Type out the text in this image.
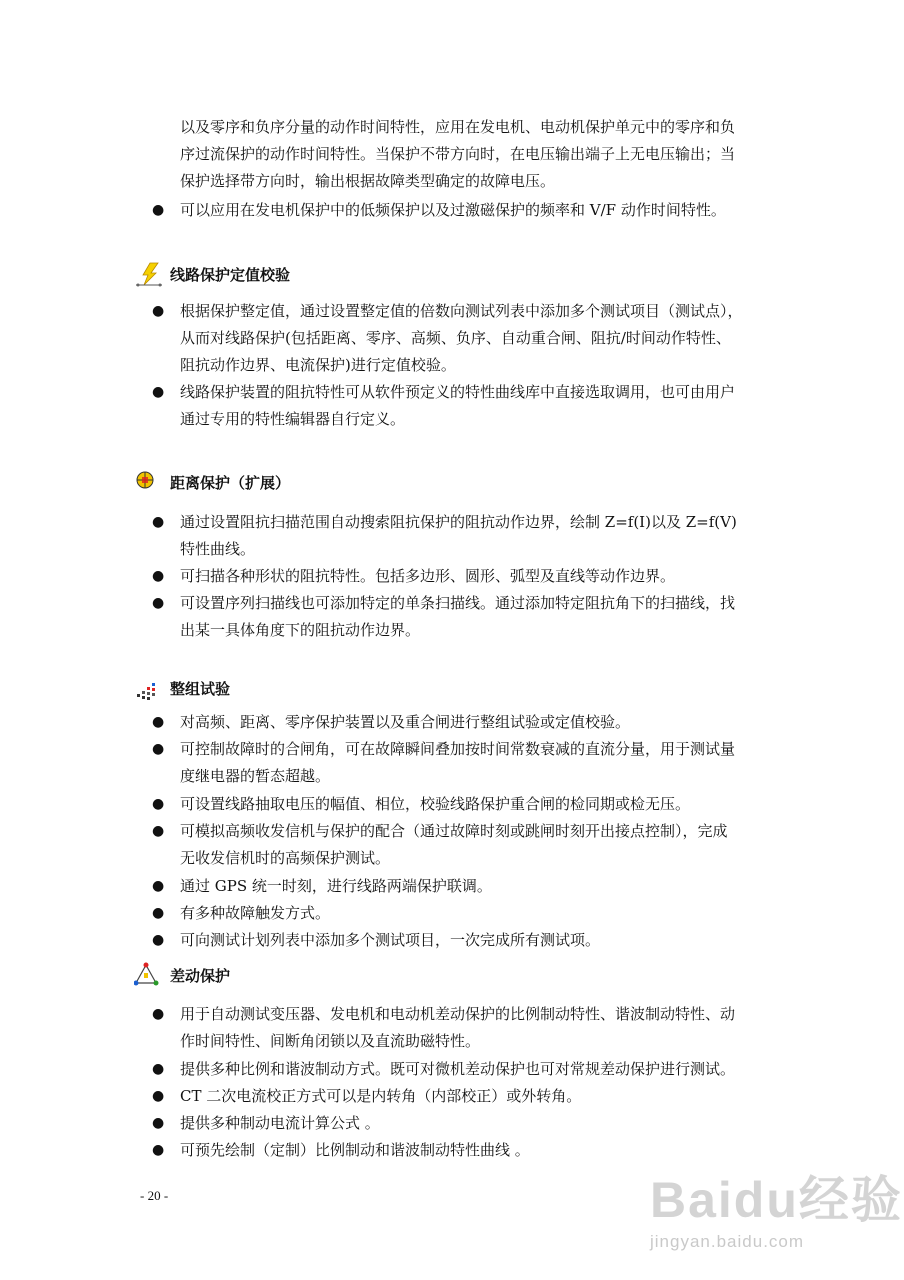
以及零序和负序分量的动作时间特性，应用在发电机、电动机保护单元中的零序和负
序过流保护的动作时间特性。当保护不带方向时，在电压输出端子上无电压输出；当
保护选择带方向时，输出根据故障类型确定的故障电压。
● 可以应用在发电机保护中的低频保护以及过激磁保护的频率和 V/F 动作时间特性。
线路保护定值校验
● 根据保护整定值，通过设置整定值的倍数向测试列表中添加多个测试项目（测试点），
从而对线路保护(包括距离、零序、高频、负序、自动重合闸、阻抗/时间动作特性、
阻抗动作边界、电流保护)进行定值校验。
● 线路保护装置的阻抗特性可从软件预定义的特性曲线库中直接选取调用，也可由用户
通过专用的特性编辑器自行定义。
距离保护（扩展）
● 通过设置阻抗扫描范围自动搜索阻抗保护的阻抗动作边界，绘制 Z=f(I)以及 Z=f(V)
特性曲线。
● 可扫描各种形状的阻抗特性。包括多边形、圆形、弧型及直线等动作边界。
● 可设置序列扫描线也可添加特定的单条扫描线。通过添加特定阻抗角下的扫描线，找
出某一具体角度下的阻抗动作边界。
整组试验
● 对高频、距离、零序保护装置以及重合闸进行整组试验或定值校验。
● 可控制故障时的合闸角，可在故障瞬间叠加按时间常数衰减的直流分量，用于测试量
度继电器的暂态超越。
● 可设置线路抽取电压的幅值、相位，校验线路保护重合闸的检同期或检无压。
● 可模拟高频收发信机与保护的配合（通过故障时刻或跳闸时刻开出接点控制），完成
无收发信机时的高频保护测试。
● 通过 GPS 统一时刻，进行线路两端保护联调。
● 有多种故障触发方式。
● 可向测试计划列表中添加多个测试项目，一次完成所有测试项。
差动保护
● 用于自动测试变压器、发电机和电动机差动保护的比例制动特性、谐波制动特性、动
作时间特性、间断角闭锁以及直流助磁特性。
● 提供多种比例和谐波制动方式。既可对微机差动保护也可对常规差动保护进行测试。
● CT 二次电流校正方式可以是内转角（内部校正）或外转角。
● 提供多种制动电流计算公式 。
● 可预先绘制（定制）比例制动和谐波制动特性曲线 。
- 20 -	Baidu经验
jingyan.baidu.com
